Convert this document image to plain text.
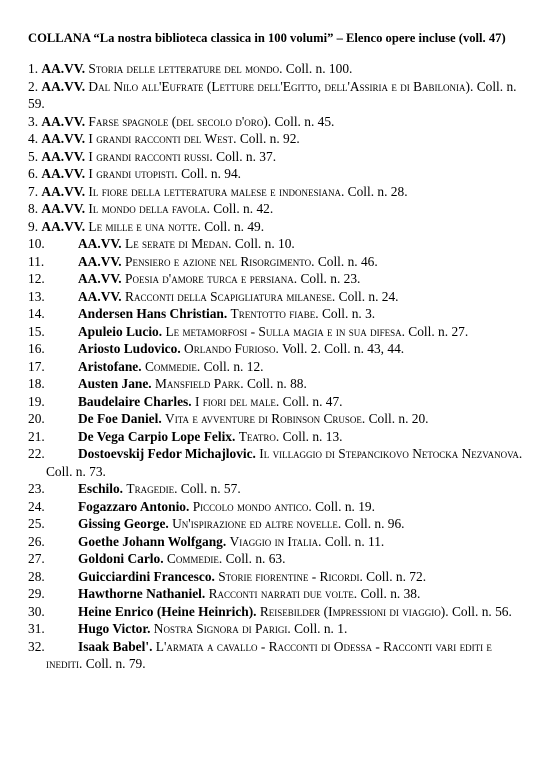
COLLANA “La nostra biblioteca classica in 100 volumi” – Elenco opere incluse (voll. 47)
1. AA.VV. Storia delle letterature del mondo. Coll. n. 100.
2. AA.VV. Dal Nilo all'Eufrate (Letture dell'Egitto, dell'Assiria e di Babilonia). Coll. n. 59.
3. AA.VV. Farse spagnole (del secolo d'oro). Coll. n. 45.
4. AA.VV. I grandi racconti del West. Coll. n. 92.
5. AA.VV. I grandi racconti russi. Coll. n. 37.
6. AA.VV. I grandi utopisti. Coll. n. 94.
7. AA.VV. Il fiore della letteratura malese e indonesiana. Coll. n. 28.
8. AA.VV. Il mondo della favola. Coll. n. 42.
9. AA.VV. Le mille e una notte. Coll. n. 49.
10.	AA.VV. Le serate di Medan. Coll. n. 10.
11.	AA.VV. Pensiero e azione nel Risorgimento. Coll. n. 46.
12.	AA.VV. Poesia d'amore turca e persiana. Coll. n. 23.
13.	AA.VV. Racconti della Scapigliatura milanese. Coll. n. 24.
14.	Andersen Hans Christian. Trentotto fiabe. Coll. n. 3.
15.	Apuleio Lucio. Le metamorfosi - Sulla magia e in sua difesa. Coll. n. 27.
16.	Ariosto Ludovico. Orlando Furioso. Voll. 2. Coll. n. 43, 44.
17.	Aristofane. Commedie. Coll. n. 12.
18.	Austen Jane. Mansfield Park. Coll. n. 88.
19.	Baudelaire Charles. I fiori del male. Coll. n. 47.
20.	De Foe Daniel. Vita e avventure di Robinson Crusoe. Coll. n. 20.
21.	De Vega Carpio Lope Felix. Teatro. Coll. n. 13.
22.	Dostoevskij Fedor Michajlovic. Il villaggio di Stepancikovo Netocka Nezvanova. Coll. n. 73.
23.	Eschilo. Tragedie. Coll. n. 57.
24.	Fogazzaro Antonio. Piccolo mondo antico. Coll. n. 19.
25.	Gissing George. Un'ispirazione ed altre novelle. Coll. n. 96.
26.	Goethe Johann Wolfgang. Viaggio in Italia. Coll. n. 11.
27.	Goldoni Carlo. Commedie. Coll. n. 63.
28.	Guicciardini Francesco. Storie fiorentine - Ricordi. Coll. n. 72.
29.	Hawthorne Nathaniel. Racconti narrati due volte. Coll. n. 38.
30.	Heine Enrico (Heine Heinrich). Reisebilder (Impressioni di viaggio). Coll. n. 56.
31.	Hugo Victor. Nostra Signora di Parigi. Coll. n. 1.
32.	Isaak Babel'. L'armata a cavallo - Racconti di Odessa - Racconti vari editi e inediti. Coll. n. 79.
